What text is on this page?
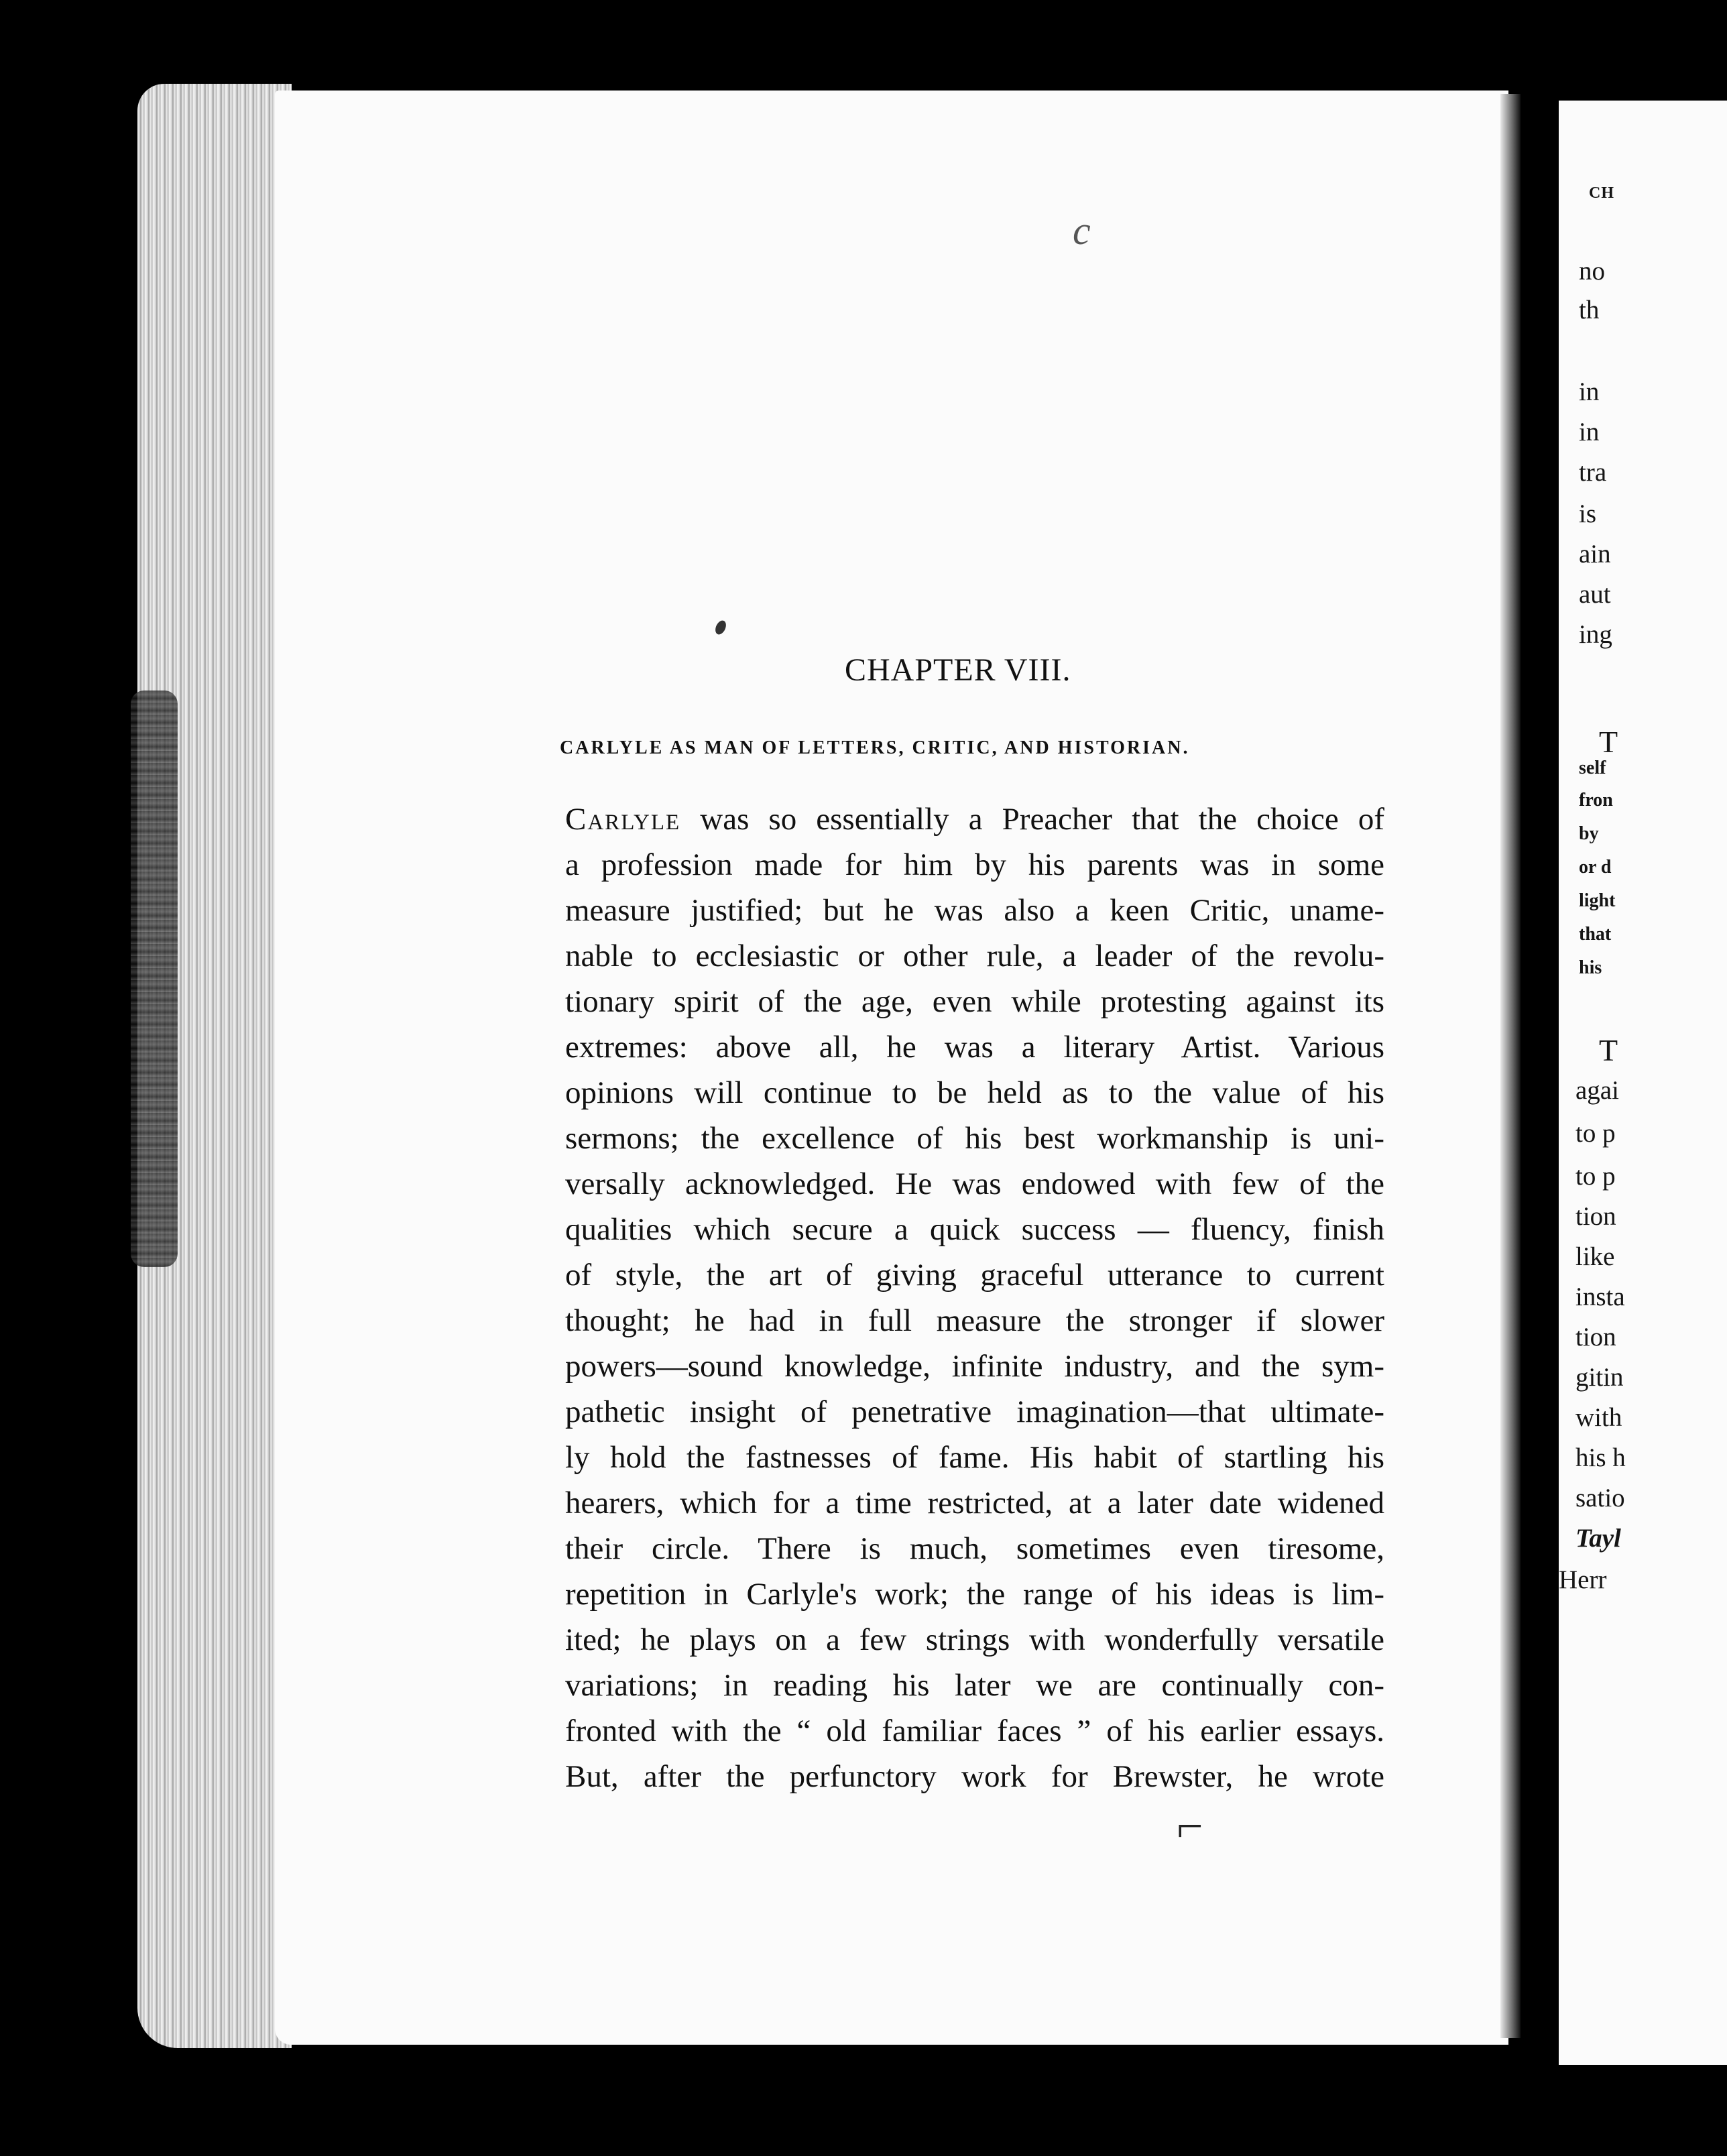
c
CHAPTER VIII.
CARLYLE AS MAN OF LETTERS, CRITIC, AND HISTORIAN.
Carlyle was so essentially a Preacher that the choice of
a profession made for him by his parents was in some
measure justified; but he was also a keen Critic, uname-
nable to ecclesiastic or other rule, a leader of the revolu-
tionary spirit of the age, even while protesting against its
extremes: above all, he was a literary Artist. Various
opinions will continue to be held as to the value of his
sermons; the excellence of his best workmanship is uni-
versally acknowledged. He was endowed with few of the
qualities which secure a quick success — fluency, finish
of style, the art of giving graceful utterance to current
thought; he had in full measure the stronger if slower
powers—sound knowledge, infinite industry, and the sym-
pathetic insight of penetrative imagination—that ultimate-
ly hold the fastnesses of fame. His habit of startling his
hearers, which for a time restricted, at a later date widened
their circle. There is much, sometimes even tiresome,
repetition in Carlyle's work; the range of his ideas is lim-
ited; he plays on a few strings with wonderfully versatile
variations; in reading his later we are continually con-
fronted with the “ old familiar faces ” of his earlier essays.
But, after the perfunctory work for Brewster, he wrote
⌐
CH
no
th
in
in
tra
is
ain
aut
ing
T
self
fron
by
or d
light
that
his
T
agai
to p
to p
tion
like
insta
tion
gitin
with
his h
satio
Tayl
Herr
